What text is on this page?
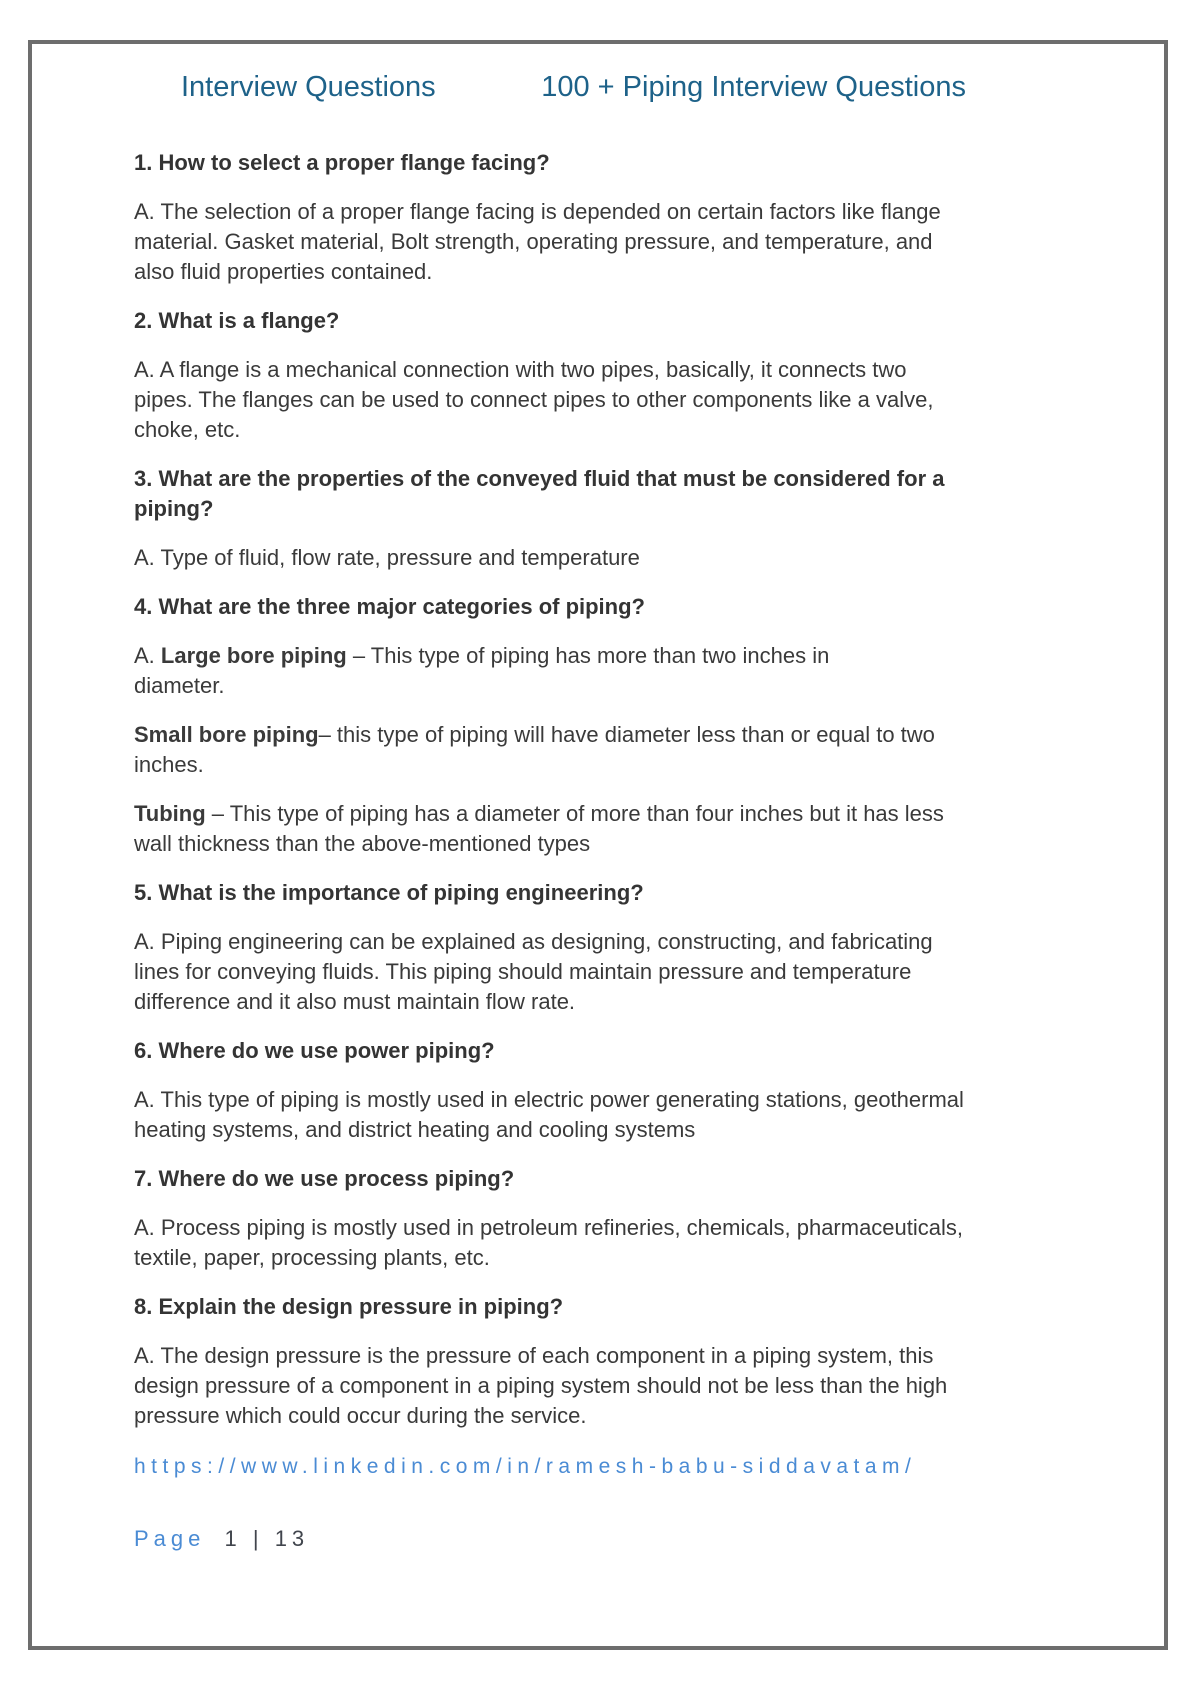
Interview Questions	100 + Piping Interview Questions

1. How to select a proper flange facing?

A. The selection of a proper flange facing is depended on certain factors like flange material. Gasket material, Bolt strength, operating pressure, and temperature, and also fluid properties contained.

2. What is a flange?

A. A flange is a mechanical connection with two pipes, basically, it connects two pipes. The flanges can be used to connect pipes to other components like a valve, choke, etc.

3. What are the properties of the conveyed fluid that must be considered for a piping?

A. Type of fluid, flow rate, pressure and temperature

4. What are the three major categories of piping?

A. Large bore piping – This type of piping has more than two inches in
diameter.

Small bore piping– this type of piping will have diameter less than or equal to two inches.

Tubing – This type of piping has a diameter of more than four inches but it has less wall thickness than the above-mentioned types

5. What is the importance of piping engineering?

A. Piping engineering can be explained as designing, constructing, and fabricating lines for conveying fluids. This piping should maintain pressure and temperature difference and it also must maintain flow rate.

6. Where do we use power piping?

A. This type of piping is mostly used in electric power generating stations, geothermal heating systems, and district heating and cooling systems

7. Where do we use process piping?

A. Process piping is mostly used in petroleum refineries, chemicals, pharmaceuticals, textile, paper, processing plants, etc.

8. Explain the design pressure in piping?

A. The design pressure is the pressure of each component in a piping system, this design pressure of a component in a piping system should not be less than the high pressure which could occur during the service.

https://www.linkedin.com/in/ramesh-babu-siddavatam/

Page 1 | 13
